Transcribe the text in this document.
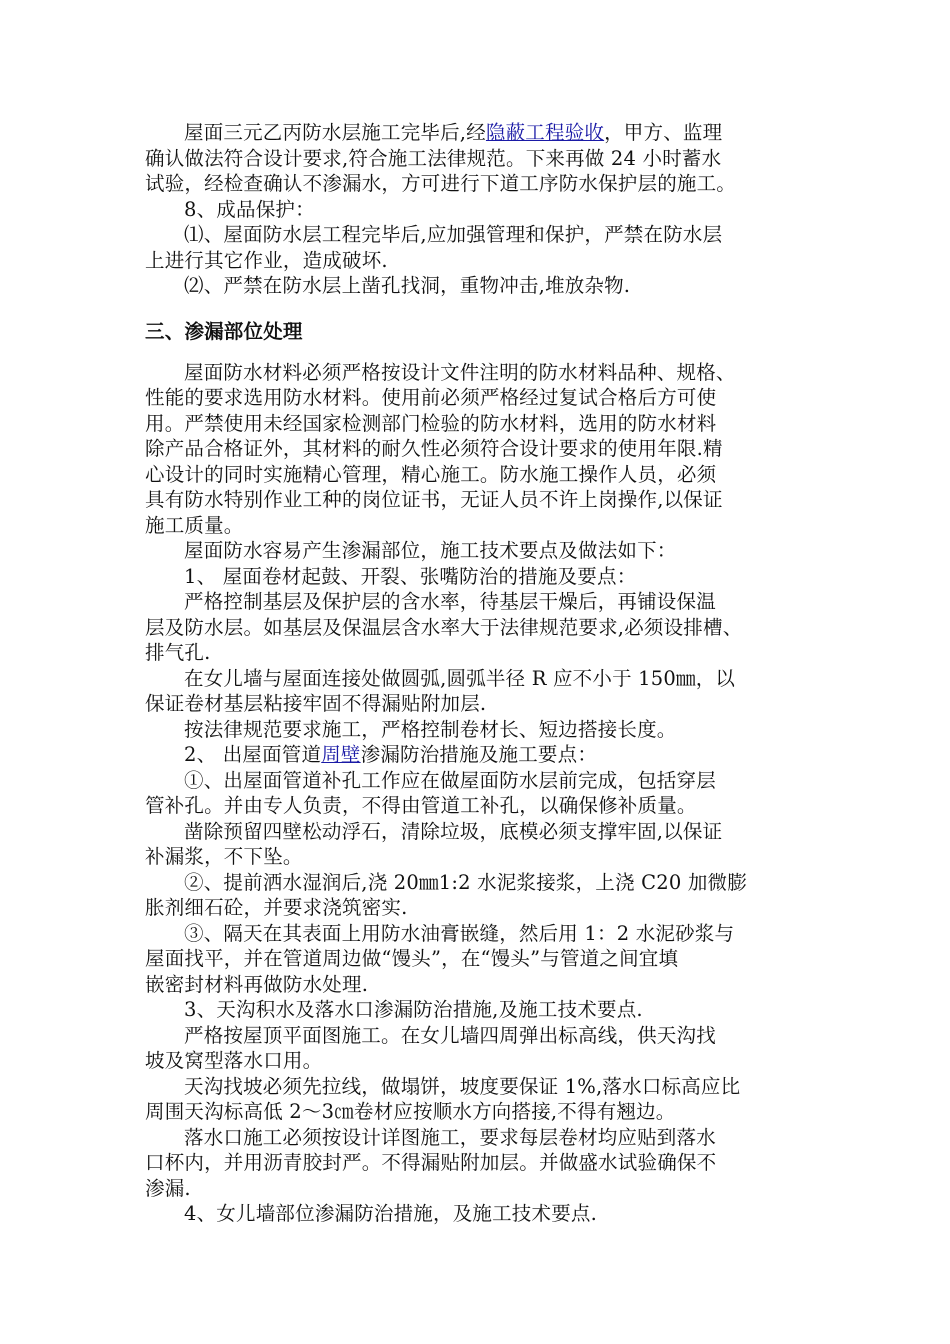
屋面三元乙丙防水层施工完毕后,经隐蔽工程验收，甲方、监理
确认做法符合设计要求,符合施工法律规范。下来再做 24 小时蓄水
试验，经检查确认不渗漏水，方可进行下道工序防水保护层的施工。
8、成品保护：
⑴、屋面防水层工程完毕后,应加强管理和保护，严禁在防水层
上进行其它作业，造成破坏.
⑵、严禁在防水层上凿孔找洞，重物冲击,堆放杂物.
三、渗漏部位处理
屋面防水材料必须严格按设计文件注明的防水材料品种、规格、
性能的要求选用防水材料。使用前必须严格经过复试合格后方可使
用。严禁使用未经国家检测部门检验的防水材料，选用的防水材料
除产品合格证外，其材料的耐久性必须符合设计要求的使用年限.精
心设计的同时实施精心管理，精心施工。防水施工操作人员，必须
具有防水特别作业工种的岗位证书，无证人员不许上岗操作,以保证
施工质量。
屋面防水容易产生渗漏部位，施工技术要点及做法如下：
1、 屋面卷材起鼓、开裂、张嘴防治的措施及要点：
严格控制基层及保护层的含水率，待基层干燥后，再铺设保温
层及防水层。如基层及保温层含水率大于法律规范要求,必须设排槽、
排气孔.
在女儿墙与屋面连接处做圆弧,圆弧半径 R 应不小于 150㎜，以
保证卷材基层粘接牢固不得漏贴附加层.
按法律规范要求施工，严格控制卷材长、短边搭接长度。
2、 出屋面管道周壁渗漏防治措施及施工要点：
①、出屋面管道补孔工作应在做屋面防水层前完成，包括穿层
管补孔。并由专人负责，不得由管道工补孔，以确保修补质量。
凿除预留四壁松动浮石，清除垃圾，底模必须支撑牢固,以保证
补漏浆，不下坠。
②、提前洒水湿润后,浇 20㎜1:2 水泥浆接浆，上浇 C20 加微膨
胀剂细石砼，并要求浇筑密实.
③、隔天在其表面上用防水油膏嵌缝，然后用 1：2 水泥砂浆与
屋面找平，并在管道周边做“馒头”，在“馒头”与管道之间宜填
嵌密封材料再做防水处理.
3、天沟积水及落水口渗漏防治措施,及施工技术要点.
严格按屋顶平面图施工。在女儿墙四周弹出标高线，供天沟找
坡及窝型落水口用。
天沟找坡必须先拉线，做塌饼，坡度要保证 1%,落水口标高应比
周围天沟标高低 2～3㎝卷材应按顺水方向搭接,不得有翘边。
落水口施工必须按设计详图施工，要求每层卷材均应贴到落水
口杯内，并用沥青胶封严。不得漏贴附加层。并做盛水试验确保不
渗漏.
4、女儿墙部位渗漏防治措施，及施工技术要点.
